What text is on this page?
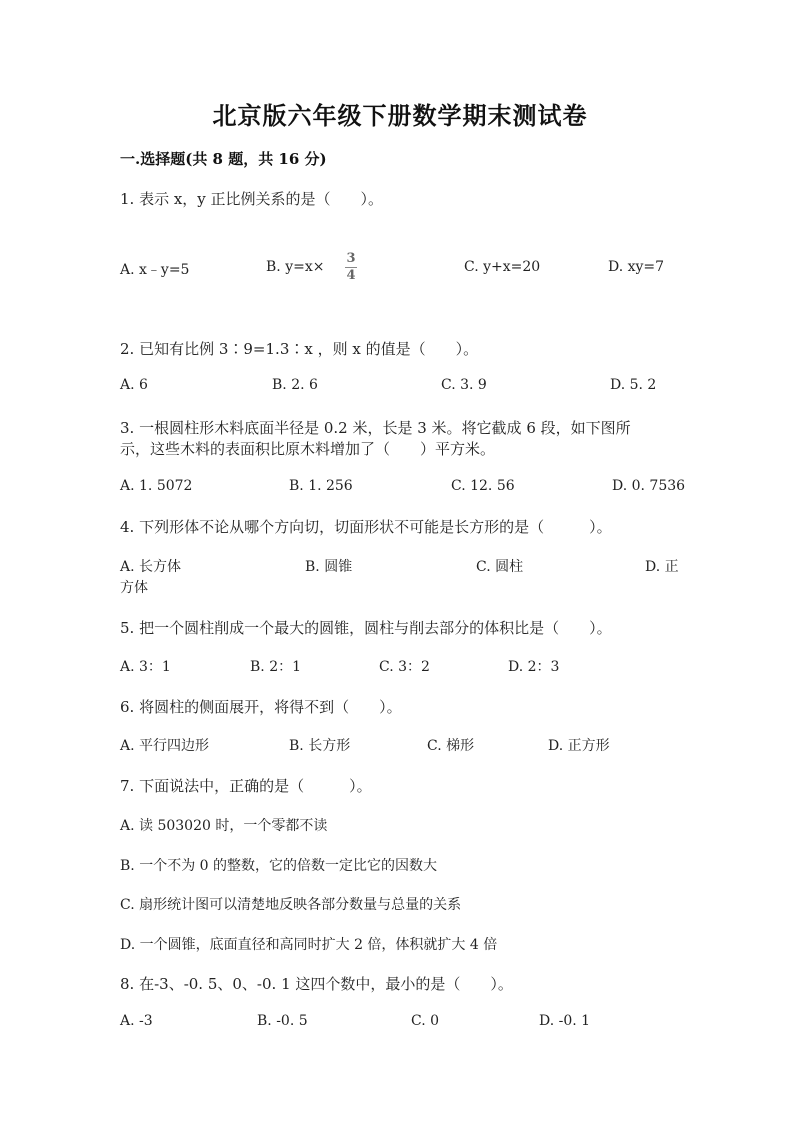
北京版六年级下册数学期末测试卷
一.选择题(共 8 题，共 16 分)
1. 表示 x，y 正比例关系的是（　　）。
A. x﹣y=5	B. y=x×
3
4
C. y+x=20	D. xy=7
2. 已知有比例 3∶9=1.3∶x ，则 x 的值是（　　）。
A. 6	B. 2. 6	C. 3. 9	D. 5. 2
3. 一根圆柱形木料底面半径是 0.2 米，长是 3 米。将它截成 6 段，如下图所
示，这些木料的表面积比原木料增加了（　　）平方米。
A. 1. 5072	B. 1. 256	C. 12. 56	D. 0. 7536
4. 下列形体不论从哪个方向切，切面形状不可能是长方形的是（　　　）。
A. 长方体	B. 圆锥	C. 圆柱	D. 正
方体
5. 把一个圆柱削成一个最大的圆锥，圆柱与削去部分的体积比是（　　）。
A. 3：1	B. 2：1	C. 3：2	D. 2：3
6. 将圆柱的侧面展开，将得不到（　　）。
A. 平行四边形	B. 长方形	C. 梯形	D. 正方形
7. 下面说法中，正确的是（　　　）。
A. 读 503020 时，一个零都不读
B. 一个不为 0 的整数，它的倍数一定比它的因数大
C. 扇形统计图可以清楚地反映各部分数量与总量的关系
D. 一个圆锥，底面直径和高同时扩大 2 倍，体积就扩大 4 倍
8. 在-3、-0. 5、0、-0. 1 这四个数中，最小的是（　　）。
A. -3	B. -0. 5	C. 0	D. -0. 1
